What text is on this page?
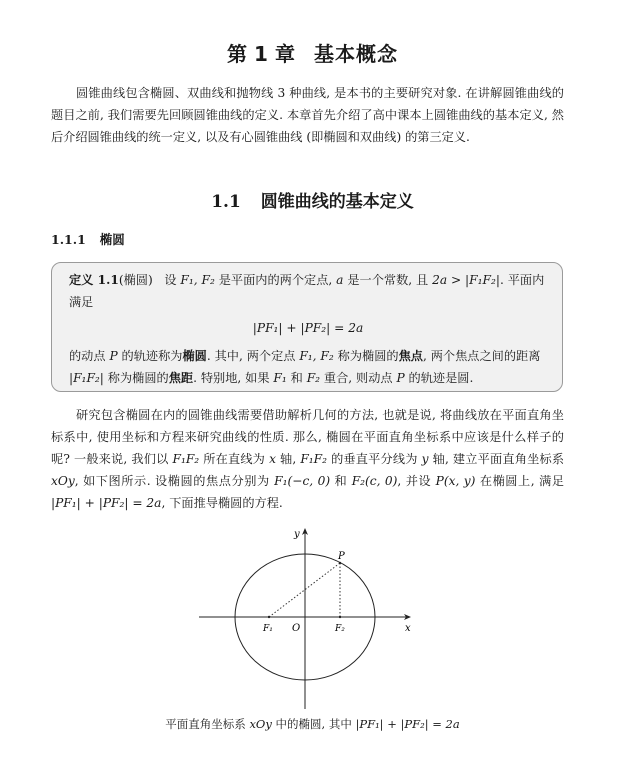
第 1 章 基本概念

圆锥曲线包含椭圆、双曲线和抛物线 3 种曲线, 是本书的主要研究对象. 在讲解圆锥曲线的题目之前, 我们需要先回顾圆锥曲线的定义. 本章首先介绍了高中课本上圆锥曲线的基本定义, 然后介绍圆锥曲线的统一定义, 以及有心圆锥曲线 (即椭圆和双曲线) 的第三定义.

1.1 圆锥曲线的基本定义
1.1.1 椭圆

定义 1.1(椭圆) 设 F₁, F₂ 是平面内的两个定点, a 是一个常数, 且 2a > |F₁F₂|. 平面内满足

|PF₁| + |PF₂| = 2a

的动点 P 的轨迹称为椭圆. 其中, 两个定点 F₁, F₂ 称为椭圆的焦点, 两个焦点之间的距离 |F₁F₂| 称为椭圆的焦距. 特别地, 如果 F₁ 和 F₂ 重合, 则动点 P 的轨迹是圆.

研究包含椭圆在内的圆锥曲线需要借助解析几何的方法, 也就是说, 将曲线放在平面直角坐标系中, 使用坐标和方程来研究曲线的性质. 那么, 椭圆在平面直角坐标系中应该是什么样子的呢? 一般来说, 我们以 F₁F₂ 所在直线为 x 轴, F₁F₂ 的垂直平分线为 y 轴, 建立平面直角坐标系 xOy, 如下图所示. 设椭圆的焦点分别为 F₁(−c, 0) 和 F₂(c, 0), 并设 P(x, y) 在椭圆上, 满足 |PF₁| + |PF₂| = 2a, 下面推导椭圆的方程.

y
x
O
F₁	F₂
P
平面直角坐标系 xOy 中的椭圆, 其中 |PF₁| + |PF₂| = 2a
